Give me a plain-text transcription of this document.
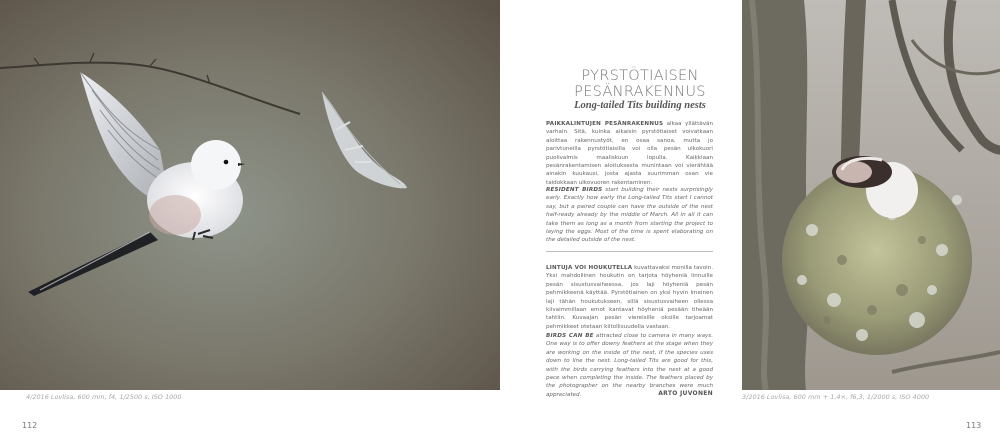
4/2016 Lovlisa, 600 mm, f4, 1/2500 s, ISO 1000
112
PYRSTÖTIAISEN
PESÄNRAKENNUS
Long-tailed Tits building nests

PAIKKALINTUJEN PESÄNRAKENNUS alkaa yllättävän varhain. Sitä, kuinka aikaisin pyrstötiaiset voivatkaan aloittaa rakennustyöt, en osaa sanoa, mutta jo parivtuneilla pyrstötiaisilla voi olla pesän ulkokuori puolivalmis maaliskuun lopulla. Kaikkiaan pesänrakentamisen aloituksesta munintaan voi vierähtää ainakin kuukausi, josta ajasta suurimman osan vie taidokkaan ulkovuoren rakentaminen.

RESIDENT BIRDS start building their nests surprisingly early. Exactly how early the Long-tailed Tits start I cannot say, but a paired couple can have the outside of the nest half-ready already by the middle of March. All in all it can take them as long as a month from starting the project to laying the eggs. Most of the time is spent elaborating on the detailed outside of the nest.

LINTUJA VOI HOUKUTELLA kuvattavaksi monilla tavoin. Yksi mahdollinen houkutin on tarjota höyheniä linnuille pesän sisustusvaiheessa, jos laji höyheniä pesän pehmikkeenä käyttää. Pyrstötiainen on yksi hyvin lmeinen laji tähän houkutukseen, sillä sisustusvaiheen ollessa kiivaimmillaan emot kantavat höyheniä pesään tiheään tahtiin. Kuvaajan pesän viereisille oksille tarjoamat pehmikkeet otetaan kiitollisuudella vastaan.

BIRDS CAN BE attracted close to camera in many ways. One way is to offer downy feathers at the stage when they are working on the inside of the nest, if the species uses down to line the nest. Long-tailed Tits are good for this, with the birds carrying feathers into the nest at a good pace when completing the inside. The feathers placed by the photographer on the nearby branches were much appreciated.	ARTO JUVONEN	3/2016 Lovlisa, 600 mm + 1,4×, f6,3, 1/2000 s, ISO 4000
113
